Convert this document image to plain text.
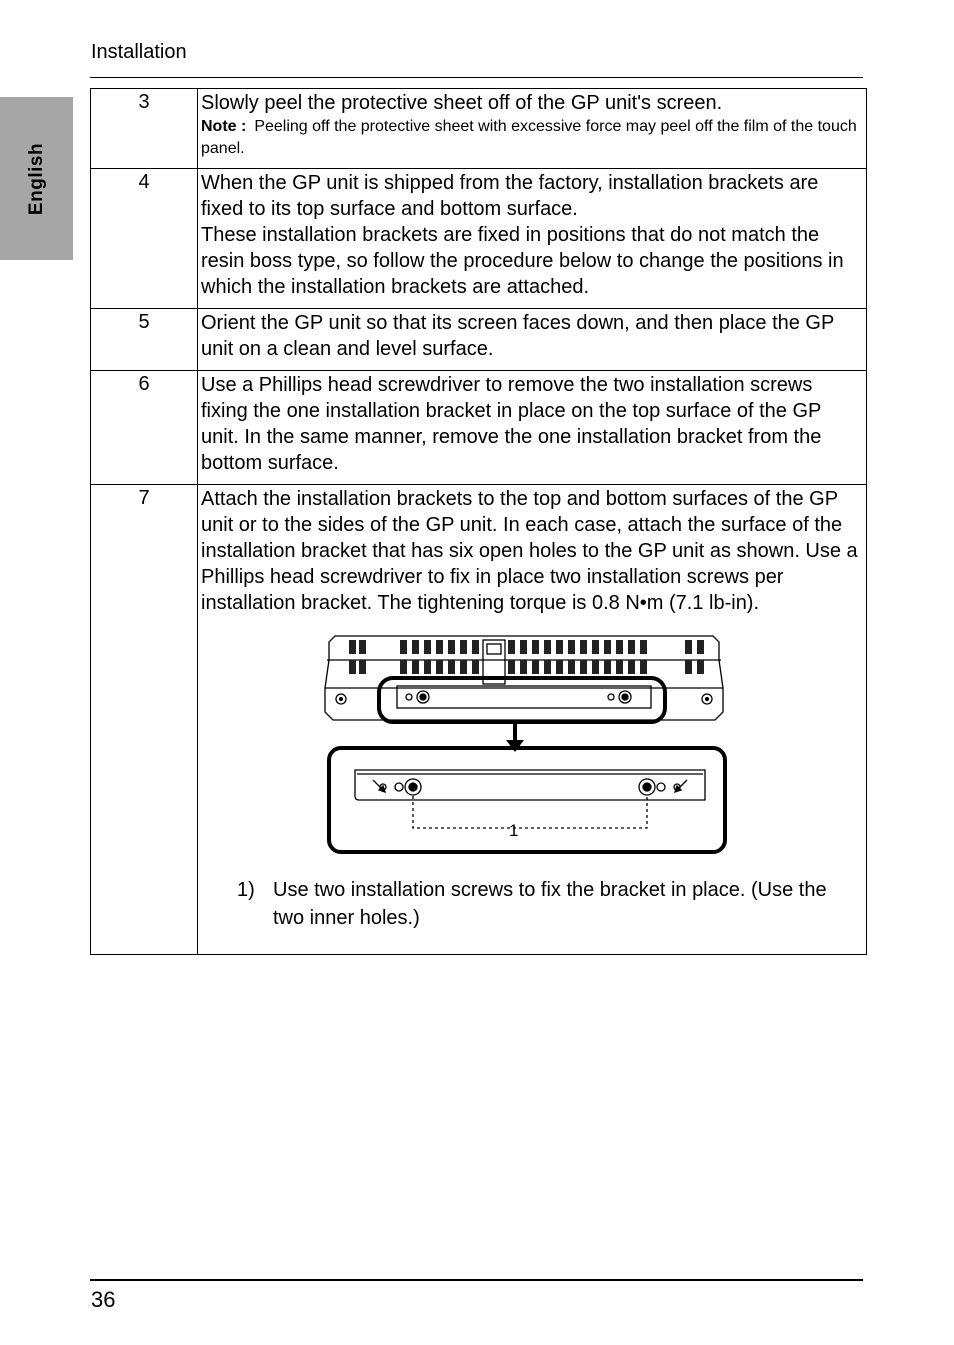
Installation
English
3	Slowly peel the protective sheet off of the GP unit's screen.
Note : Peeling off the protective sheet with excessive force may peel off the film of the touch panel.

4	When the GP unit is shipped from the factory, installation brackets are fixed to its top surface and bottom surface.
These installation brackets are fixed in positions that do not match the resin boss type, so follow the procedure below to change the positions in which the installation brackets are attached.

5	Orient the GP unit so that its screen faces down, and then place the GP unit on a clean and level surface.

6	Use a Phillips head screwdriver to remove the two installation screws fixing the one installation bracket in place on the top surface of the GP unit. In the same manner, remove the one installation bracket from the bottom surface.

7	Attach the installation brackets to the top and bottom surfaces of the GP unit or to the sides of the GP unit. In each case, attach the surface of the installation bracket that has six open holes to the GP unit as shown. Use a Phillips head screwdriver to fix in place two installation screws per installation bracket. The tightening torque is 0.8 N•m (7.1 lb-in).
1
1) Use two installation screws to fix the bracket in place. (Use the two inner holes.)
36
